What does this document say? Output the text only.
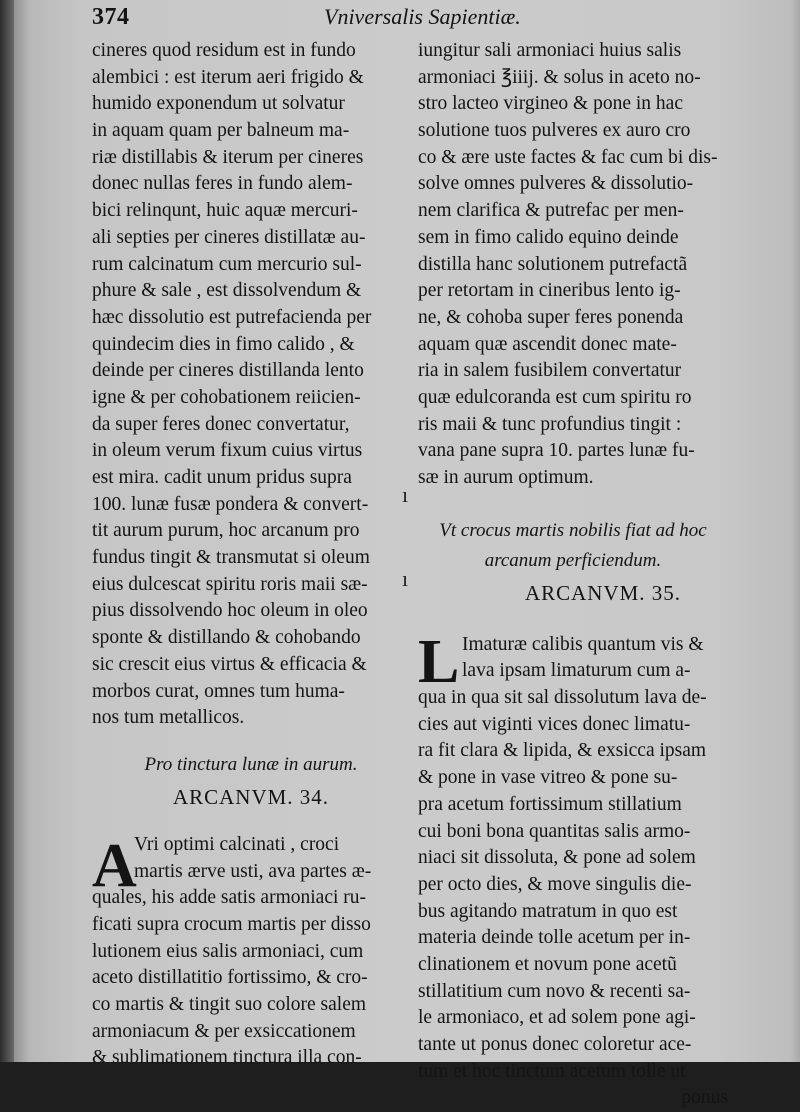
374	Vniversalis Sapientiæ.
cineres quod residum est in fundo
alembici : est iterum aeri frigido &
humido exponendum ut solvatur
in aquam quam per balneum ma-
riæ distillabis & iterum per cineres
donec nullas feres in fundo alem-
bici relinqunt, huic aquæ mercuri-
ali septies per cineres distillatæ au-
rum calcinatum cum mercurio sul-
phure & sale , est dissolvendum &
hæc dissolutio est putrefacienda per
quindecim dies in fimo calido , &
deinde per cineres distillanda lento
igne & per cohobationem reiicien-
da super feres donec convertatur,
in oleum verum fixum cuius virtus
est mira. cadit unum pridus supra
100. lunæ fusæ pondera & convert-
tit aurum purum, hoc arcanum pro
fundus tingit & transmutat si oleum
eius dulcescat spiritu roris maii sæ-
pius dissolvendo hoc oleum in oleo
sponte & distillando & cohobando
sic crescit eius virtus & efficacia &
morbos curat, omnes tum huma-
nos tum metallicos.
Pro tinctura lunæ in aurum.
ARCANVM. 34.
A
Vri optimi calcinati , croci
martis ærve usti, ava partes æ-
quales, his adde satis armoniaci ru-
ficati supra crocum martis per disso
lutionem eius salis armoniaci, cum
aceto distillatitio fortissimo, & cro-
co martis & tingit suo colore salem
armoniacum & per exsiccationem
& sublimationem tinctura illa con-
iungitur sali armoniaci huius salis
armoniaci ℥iiij. & solus in aceto no-
stro lacteo virgineo & pone in hac
solutione tuos pulveres ex auro cro
co & ære uste factes & fac cum bi dis-
solve omnes pulveres & dissolutio-
nem clarifica & putrefac per men-
sem in fimo calido equino deinde
distilla hanc solutionem putrefactã
per retortam in cineribus lento ig-
ne, & cohoba super feres ponenda
aquam quæ ascendit donec mate-
ria in salem fusibilem convertatur
quæ edulcoranda est cum spiritu ro
ris maii & tunc profundius tingit :
vana pane supra 10. partes lunæ fu-
sæ in aurum optimum.
Vt crocus martis nobilis fiat ad hoc
arcanum perficiendum.
ARCANVM. 35.
L Imaturæ calibis quantum vis &
lava ipsam limaturum cum a-
qua in qua sit sal dissolutum lava de-
cies aut viginti vices donec limatu-
ra fit clara & lipida, & exsicca ipsam
& pone in vase vitreo & pone su-
pra acetum fortissimum stillatium
cui boni bona quantitas salis armo-
niaci sit dissoluta, & pone ad solem
per octo dies, & move singulis die-
bus agitando matratum in quo est
materia deinde tolle acetum per in-
clinationem et novum pone acetũ
stillatitium cum novo & recenti sa-
le armoniaco, et ad solem pone agi-
tante ut ponus donec coloretur ace-
tum et hoc tinctum acetum tolle ut
ponus
ı
ı
